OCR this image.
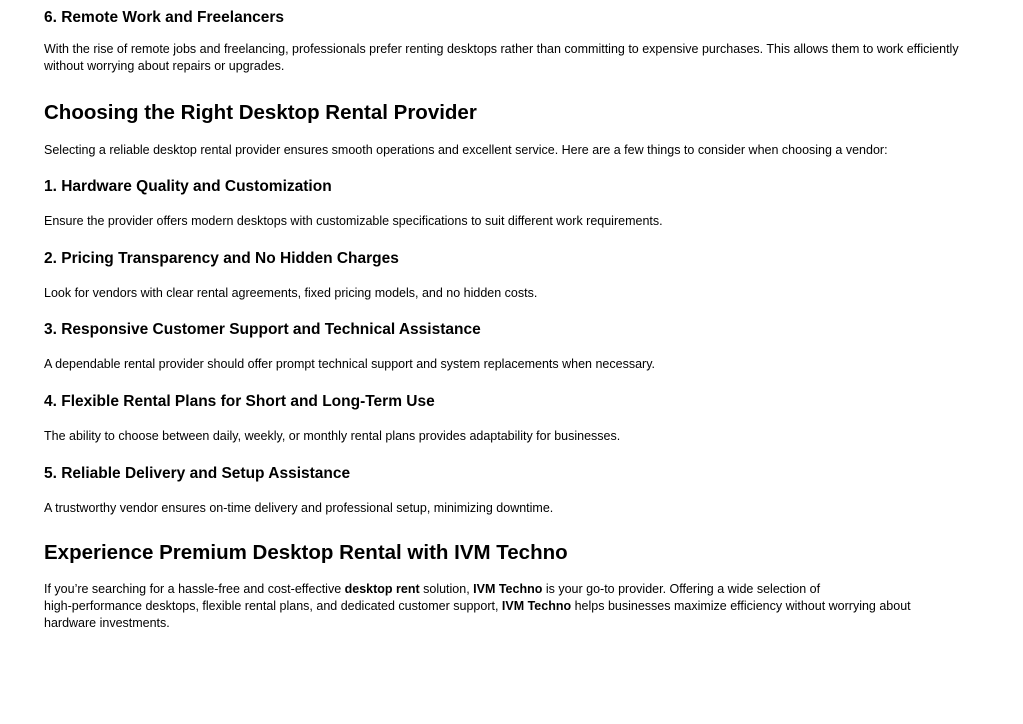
6. Remote Work and Freelancers

With the rise of remote jobs and freelancing, professionals prefer renting desktops rather than committing to expensive purchases. This allows them to work efficiently without worrying about repairs or upgrades.

Choosing the Right Desktop Rental Provider

Selecting a reliable desktop rental provider ensures smooth operations and excellent service. Here are a few things to consider when choosing a vendor:

1. Hardware Quality and Customization

Ensure the provider offers modern desktops with customizable specifications to suit different work requirements.

2. Pricing Transparency and No Hidden Charges

Look for vendors with clear rental agreements, fixed pricing models, and no hidden costs.

3. Responsive Customer Support and Technical Assistance

A dependable rental provider should offer prompt technical support and system replacements when necessary.

4. Flexible Rental Plans for Short and Long-Term Use

The ability to choose between daily, weekly, or monthly rental plans provides adaptability for businesses.

5. Reliable Delivery and Setup Assistance

A trustworthy vendor ensures on-time delivery and professional setup, minimizing downtime.

Experience Premium Desktop Rental with IVM Techno

If you’re searching for a hassle-free and cost-effective desktop rent solution, IVM Techno is your go-to provider. Offering a wide selection of

high-performance desktops, flexible rental plans, and dedicated customer support, IVM Techno helps businesses maximize efficiency without worrying about

hardware investments.
